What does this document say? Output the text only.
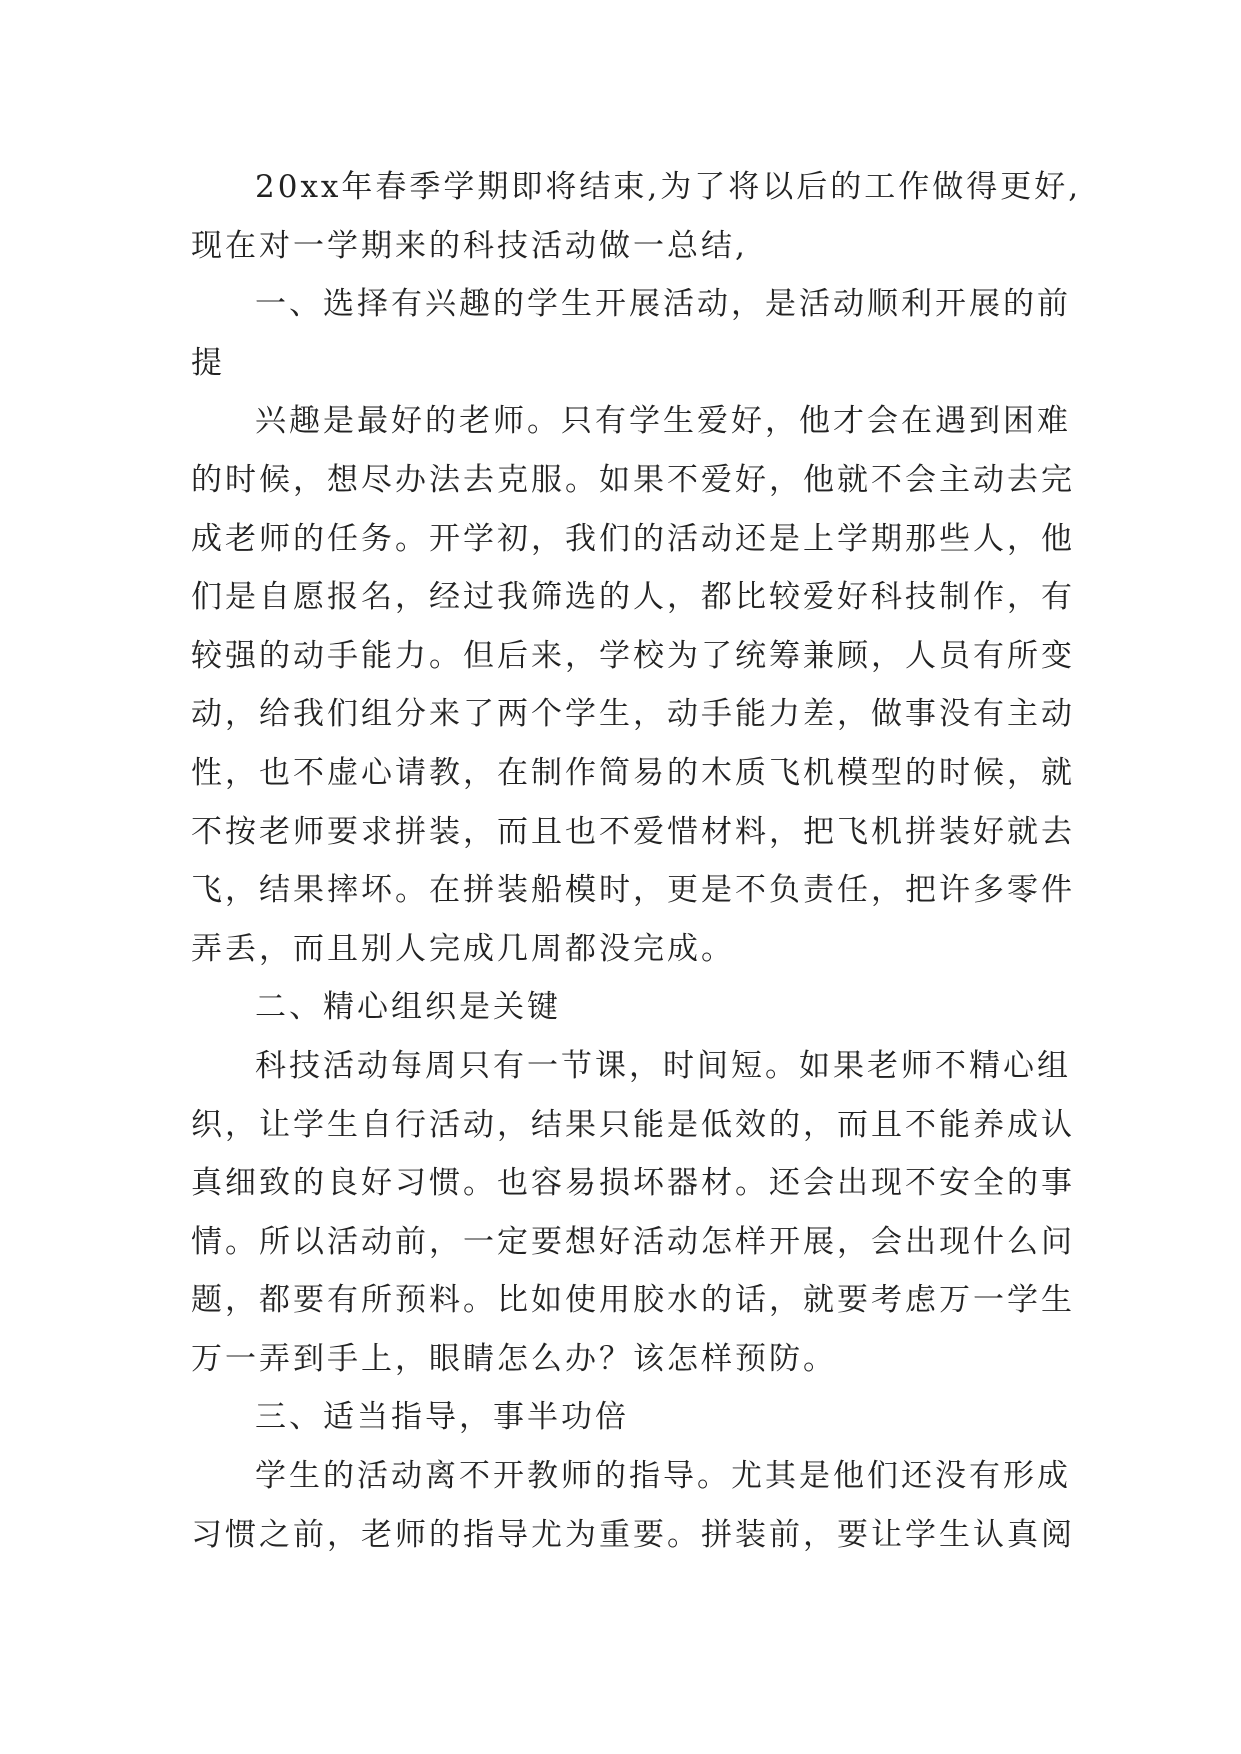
20xx年春季学期即将结束,为了将以后的工作做得更好,
现在对一学期来的科技活动做一总结,
一、选择有兴趣的学生开展活动，是活动顺利开展的前
提
兴趣是最好的老师。只有学生爱好，他才会在遇到困难
的时候，想尽办法去克服。如果不爱好，他就不会主动去完
成老师的任务。开学初，我们的活动还是上学期那些人，他
们是自愿报名，经过我筛选的人，都比较爱好科技制作，有
较强的动手能力。但后来，学校为了统筹兼顾，人员有所变
动，给我们组分来了两个学生，动手能力差，做事没有主动
性，也不虚心请教，在制作简易的木质飞机模型的时候，就
不按老师要求拼装，而且也不爱惜材料，把飞机拼装好就去
飞，结果摔坏。在拼装船模时，更是不负责任，把许多零件
弄丢，而且别人完成几周都没完成。
二、精心组织是关键
科技活动每周只有一节课，时间短。如果老师不精心组
织，让学生自行活动，结果只能是低效的，而且不能养成认
真细致的良好习惯。也容易损坏器材。还会出现不安全的事
情。所以活动前，一定要想好活动怎样开展，会出现什么问
题，都要有所预料。比如使用胶水的话，就要考虑万一学生
万一弄到手上，眼睛怎么办？该怎样预防。
三、适当指导，事半功倍
学生的活动离不开教师的指导。尤其是他们还没有形成
习惯之前，老师的指导尤为重要。拼装前，要让学生认真阅
